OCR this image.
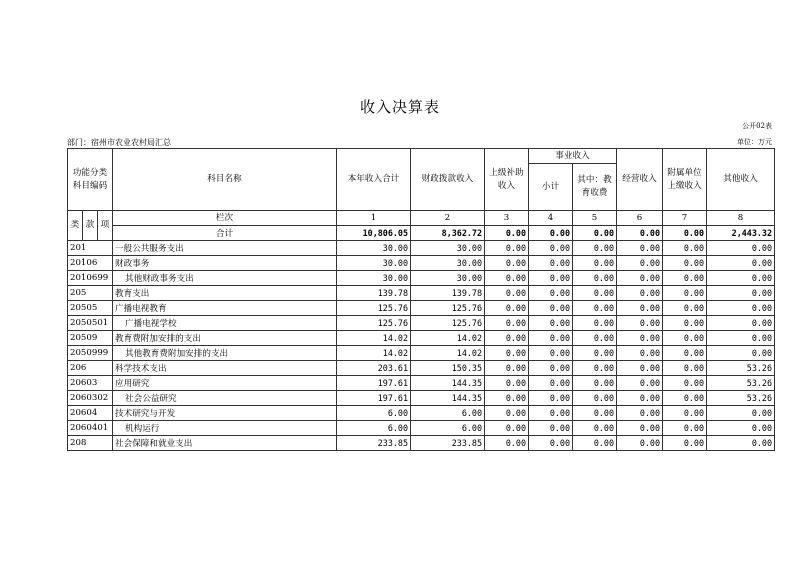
收入决算表
公开02表
部门：宿州市农业农村局汇总	单位：万元
功能分类科目编码			科目名称	本年收入合计	财政拨款收入	上级补助收入	事业收入		经营收入	附属单位上缴收入	其他收入
							小计	其中：教育收费			
类	款	项	栏次	1	2	3	4	5	6	7	8
			合计	10,806.05	8,362.72	0.00	0.00	0.00	0.00	0.00	2,443.32
201			一般公共服务支出	30.00	30.00	0.00	0.00	0.00	0.00	0.00	0.00
20106			财政事务	30.00	30.00	0.00	0.00	0.00	0.00	0.00	0.00
2010699			其他财政事务支出	30.00	30.00	0.00	0.00	0.00	0.00	0.00	0.00
205			教育支出	139.78	139.78	0.00	0.00	0.00	0.00	0.00	0.00
20505			广播电视教育	125.76	125.76	0.00	0.00	0.00	0.00	0.00	0.00
2050501			广播电视学校	125.76	125.76	0.00	0.00	0.00	0.00	0.00	0.00
20509			教育费附加安排的支出	14.02	14.02	0.00	0.00	0.00	0.00	0.00	0.00
2050999			其他教育费附加安排的支出	14.02	14.02	0.00	0.00	0.00	0.00	0.00	0.00
206			科学技术支出	203.61	150.35	0.00	0.00	0.00	0.00	0.00	53.26
20603			应用研究	197.61	144.35	0.00	0.00	0.00	0.00	0.00	53.26
2060302			社会公益研究	197.61	144.35	0.00	0.00	0.00	0.00	0.00	53.26
20604			技术研究与开发	6.00	6.00	0.00	0.00	0.00	0.00	0.00	0.00
2060401			机构运行	6.00	6.00	0.00	0.00	0.00	0.00	0.00	0.00
208			社会保障和就业支出	233.85	233.85	0.00	0.00	0.00	0.00	0.00	0.00
